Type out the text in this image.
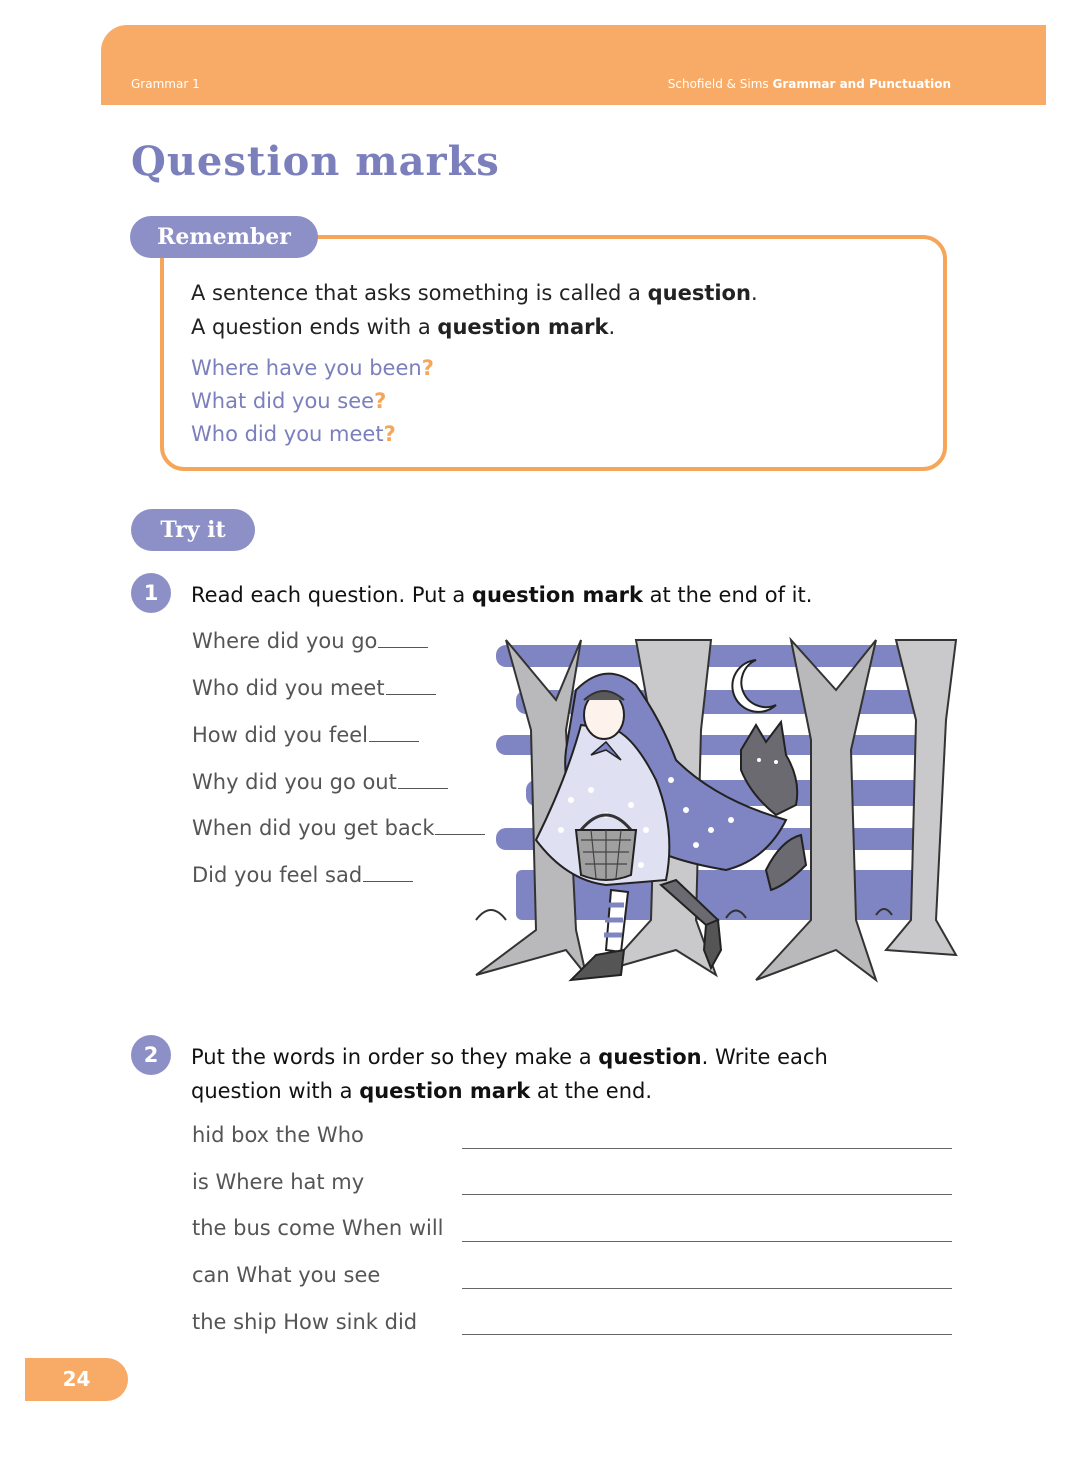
Grammar 1	Schofield & Sims Grammar and Punctuation
Question marks
Remember
A sentence that asks something is called a question.
A question ends with a question mark.
Where have you been?
What did you see?
Who did you meet?
Try it
1	Read each question. Put a question mark at the end of it.
Where did you go
Who did you meet
How did you feel
Why did you go out
When did you get back
Did you feel sad
2	Put the words in order so they make a question. Write each
question with a question mark at the end.
hid box the Who
is Where hat my
the bus come When will
can What you see
the ship How sink did
24
